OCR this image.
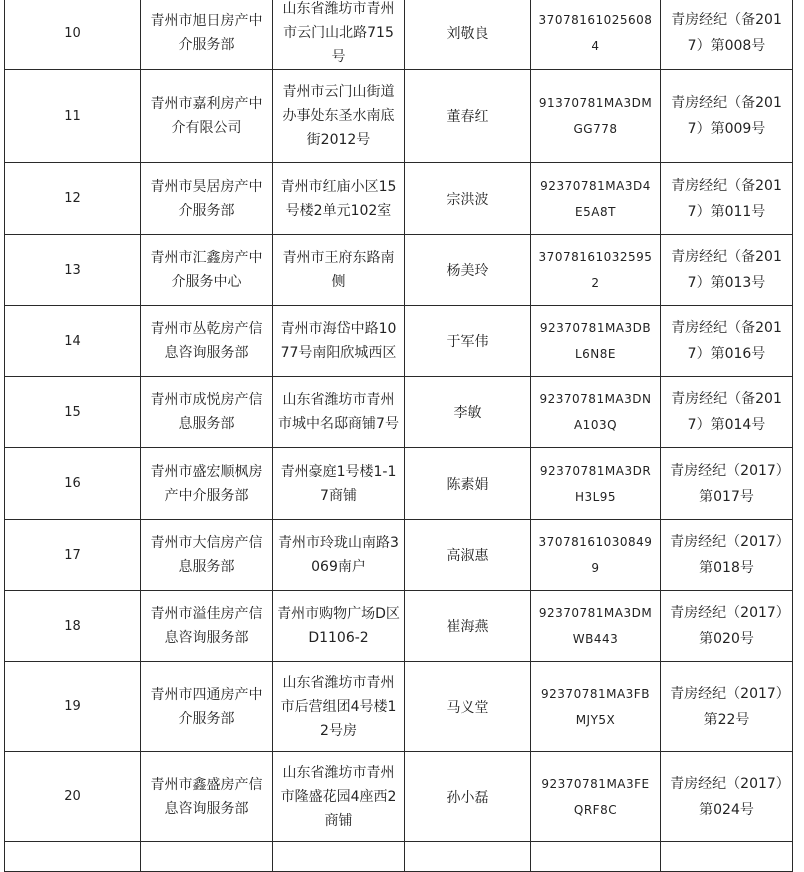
10	青州市旭日房产中介服务部	山东省潍坊市青州市云门山北路715号	刘敬良	370781610256084	青房经纪（备2017）第008号
11	青州市嘉利房产中介有限公司	青州市云门山街道办事处东圣水南底街2012号	董春红	91370781MA3DMGG778	青房经纪（备2017）第009号
12	青州市昊居房产中介服务部	青州市红庙小区15号楼2单元102室	宗洪波	92370781MA3D4E5A8T	青房经纪（备2017）第011号
13	青州市汇鑫房产中介服务中心	青州市王府东路南侧	杨美玲	370781610325952	青房经纪（备2017）第013号
14	青州市丛乾房产信息咨询服务部	青州市海岱中路1077号南阳欣城西区	于军伟	92370781MA3DBL6N8E	青房经纪（备2017）第016号
15	青州市成悦房产信息服务部	山东省潍坊市青州市城中名邸商铺7号	李敏	92370781MA3DNA103Q	青房经纪（备2017）第014号
16	青州市盛宏顺枫房产中介服务部	青州豪庭1号楼1-17商铺	陈素娟	92370781MA3DRH3L95	青房经纪（2017）第017号
17	青州市大信房产信息服务部	青州市玲珑山南路3069南户	高淑惠	370781610308499	青房经纪（2017）第018号
18	青州市溢佳房产信息咨询服务部	青州市购物广场D区D1106-2	崔海燕	92370781MA3DMWB443	青房经纪（2017）第020号
19	青州市四通房产中介服务部	山东省潍坊市青州市后营组团4号楼12号房	马义堂	92370781MA3FBMJY5X	青房经纪（2017）第22号
20	青州市鑫盛房产信息咨询服务部	山东省潍坊市青州市隆盛花园4座西2商铺	孙小磊	92370781MA3FEQRF8C	青房经纪（2017）第024号
